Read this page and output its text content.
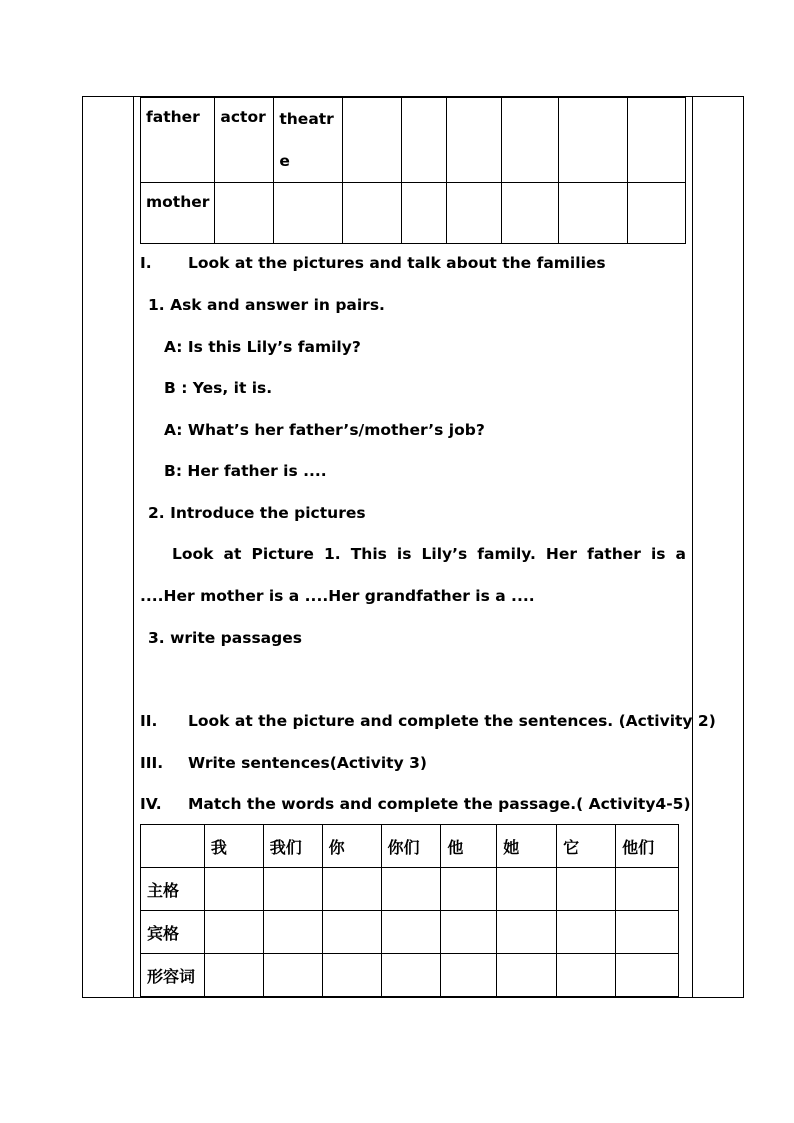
father	actor	theatr
e						
mother								
I. Look at the pictures and talk about the families
1. Ask and answer in pairs.
A: Is this Lily’s family?
B : Yes, it is.
A: What’s her father’s/mother’s job?
B: Her father is ....
2. Introduce the pictures
Look at Picture 1. This is Lily’s family. Her father is a ....Her mother is a ....Her grandfather is a ....
3. write passages
II. Look at the picture and complete the sentences. (Activity 2)
III. Write sentences(Activity 3)
IV. Match the words and complete the passage.( Activity4-5)
	我	我们	你	你们	他	她	它	他们
主格								
宾格								
形容词								
